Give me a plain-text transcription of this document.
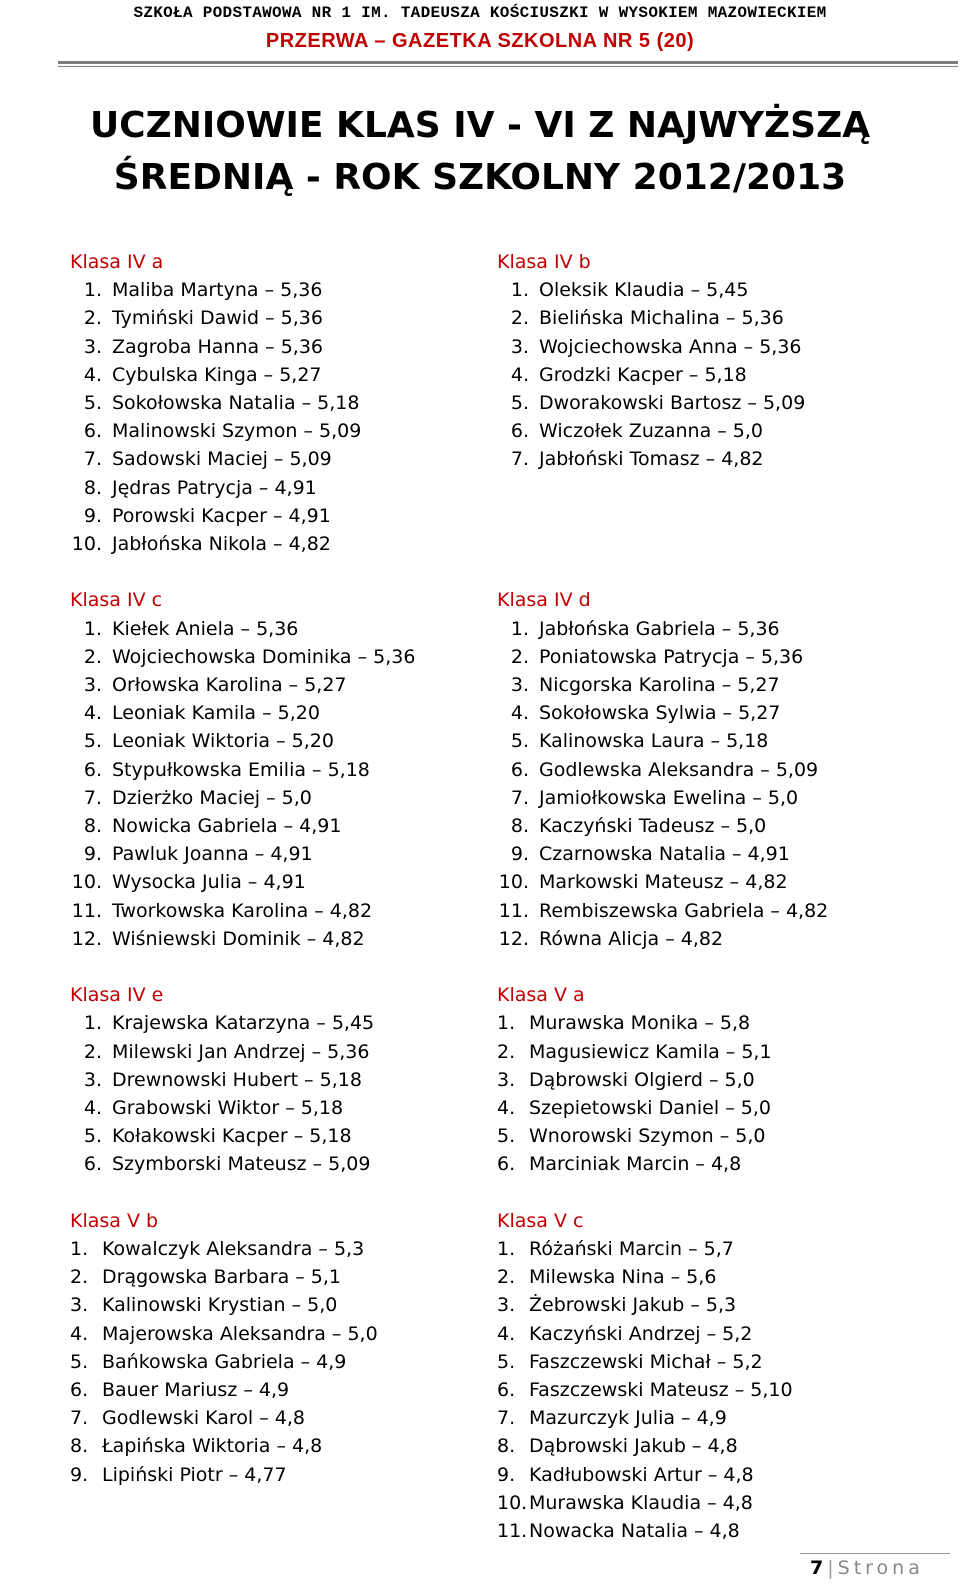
SZKOŁA PODSTAWOWA NR 1 IM. TADEUSZA KOŚCIUSZKI W WYSOKIEM MAZOWIECKIEM
PRZERWA – GAZETKA SZKOLNA NR 5 (20)
UCZNIOWIE KLAS IV - VI Z NAJWYŻSZĄ
ŚREDNIĄ - ROK SZKOLNY 2012/2013
Klasa IV a
1. Maliba Martyna – 5,36
2. Tymiński Dawid – 5,36
3. Zagroba Hanna – 5,36
4. Cybulska Kinga – 5,27
5. Sokołowska Natalia – 5,18
6. Malinowski Szymon – 5,09
7. Sadowski Maciej – 5,09
8. Jędras Patrycja – 4,91
9. Porowski Kacper – 4,91
10. Jabłońska Nikola – 4,82
Klasa IV c
1. Kiełek Aniela – 5,36
2. Wojciechowska Dominika – 5,36
3. Orłowska Karolina – 5,27
4. Leoniak Kamila – 5,20
5. Leoniak Wiktoria – 5,20
6. Stypułkowska Emilia – 5,18
7. Dzierżko Maciej – 5,0
8. Nowicka Gabriela – 4,91
9. Pawluk Joanna – 4,91
10. Wysocka Julia – 4,91
11. Tworkowska Karolina – 4,82
12. Wiśniewski Dominik – 4,82
Klasa IV e
1. Krajewska Katarzyna – 5,45
2. Milewski Jan Andrzej – 5,36
3. Drewnowski Hubert – 5,18
4. Grabowski Wiktor – 5,18
5. Kołakowski Kacper – 5,18
6. Szymborski Mateusz – 5,09
Klasa V b
1. Kowalczyk Aleksandra – 5,3
2. Drągowska Barbara – 5,1
3. Kalinowski Krystian – 5,0
4. Majerowska Aleksandra – 5,0
5. Bańkowska Gabriela – 4,9
6. Bauer Mariusz – 4,9
7. Godlewski Karol – 4,8
8. Łapińska Wiktoria – 4,8
9. Lipiński Piotr – 4,77
Klasa IV b
1. Oleksik Klaudia – 5,45
2. Bielińska Michalina – 5,36
3. Wojciechowska Anna – 5,36
4. Grodzki Kacper – 5,18
5. Dworakowski Bartosz – 5,09
6. Wiczołek Zuzanna – 5,0
7. Jabłoński Tomasz – 4,82

Klasa IV d
1. Jabłońska Gabriela – 5,36
2. Poniatowska Patrycja – 5,36
3. Nicgorska Karolina – 5,27
4. Sokołowska Sylwia – 5,27
5. Kalinowska Laura – 5,18
6. Godlewska Aleksandra – 5,09
7. Jamiołkowska Ewelina – 5,0
8. Kaczyński Tadeusz – 5,0
9. Czarnowska Natalia – 4,91
10. Markowski Mateusz – 4,82
11. Rembiszewska Gabriela – 4,82
12. Równa Alicja – 4,82
Klasa V a
1. Murawska Monika – 5,8
2. Magusiewicz Kamila – 5,1
3. Dąbrowski Olgierd – 5,0
4. Szepietowski Daniel – 5,0
5. Wnorowski Szymon – 5,0
6. Marciniak Marcin – 4,8
Klasa V c
1. Różański Marcin – 5,7
2. Milewska Nina – 5,6
3. Żebrowski Jakub – 5,3
4. Kaczyński Andrzej – 5,2
5. Faszczewski Michał – 5,2
6. Faszczewski Mateusz – 5,10
7. Mazurczyk Julia – 4,9
8. Dąbrowski Jakub – 4,8
9. Kadłubowski Artur – 4,8
10.Murawska Klaudia – 4,8
11.Nowacka Natalia – 4,8
7 | Strona
